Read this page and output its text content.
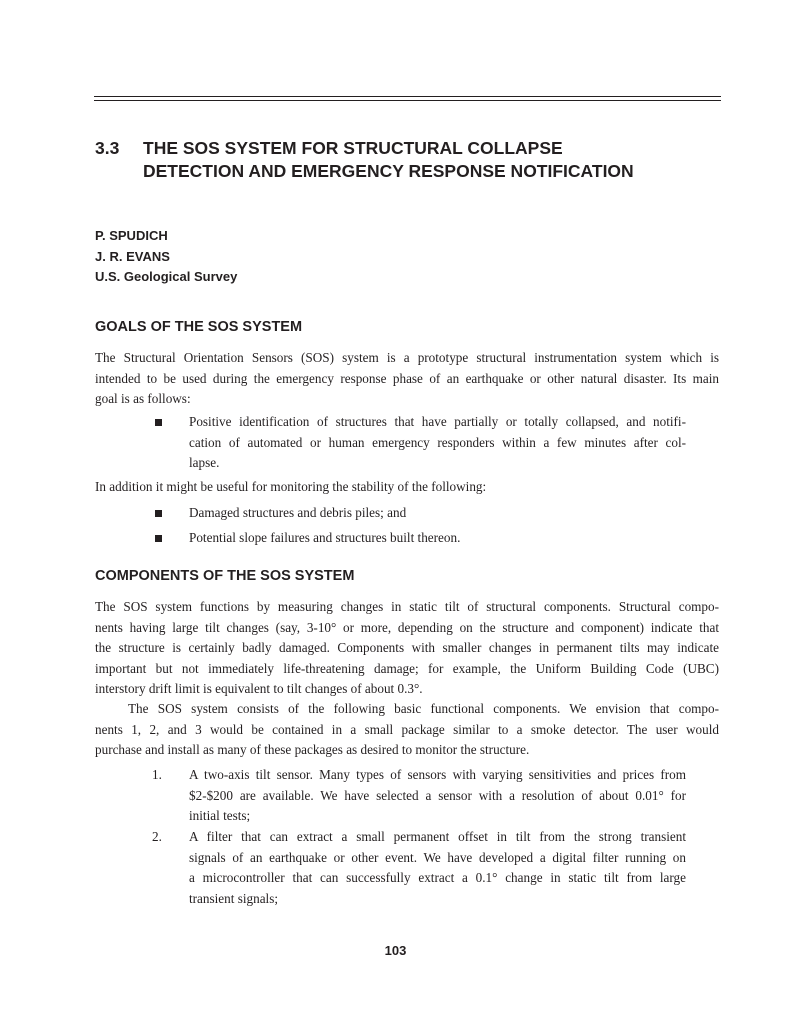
3.3 THE SOS SYSTEM FOR STRUCTURAL COLLAPSE
DETECTION AND EMERGENCY RESPONSE NOTIFICATION
P. SPUDICH
J. R. EVANS
U.S. Geological Survey
GOALS OF THE SOS SYSTEM
The Structural Orientation Sensors (SOS) system is a prototype structural instrumentation system which is
intended to be used during the emergency response phase of an earthquake or other natural disaster. Its main
goal is as follows:
Positive identification of structures that have partially or totally collapsed, and notifi-
cation of automated or human emergency responders within a few minutes after col-
lapse.
In addition it might be useful for monitoring the stability of the following:
Damaged structures and debris piles; and
Potential slope failures and structures built thereon.
COMPONENTS OF THE SOS SYSTEM
The SOS system functions by measuring changes in static tilt of structural components. Structural compo-
nents having large tilt changes (say, 3-10° or more, depending on the structure and component) indicate that
the structure is certainly badly damaged. Components with smaller changes in permanent tilts may indicate
important but not immediately life-threatening damage; for example, the Uniform Building Code (UBC)
interstory drift limit is equivalent to tilt changes of about 0.3°.
The SOS system consists of the following basic functional components. We envision that compo-
nents 1, 2, and 3 would be contained in a small package similar to a smoke detector. The user would
purchase and install as many of these packages as desired to monitor the structure.
1.	A two-axis tilt sensor. Many types of sensors with varying sensitivities and prices from
$2-$200 are available. We have selected a sensor with a resolution of about 0.01° for
initial tests;
2.	A filter that can extract a small permanent offset in tilt from the strong transient
signals of an earthquake or other event. We have developed a digital filter running on
a microcontroller that can successfully extract a 0.1° change in static tilt from large
transient signals;
103
